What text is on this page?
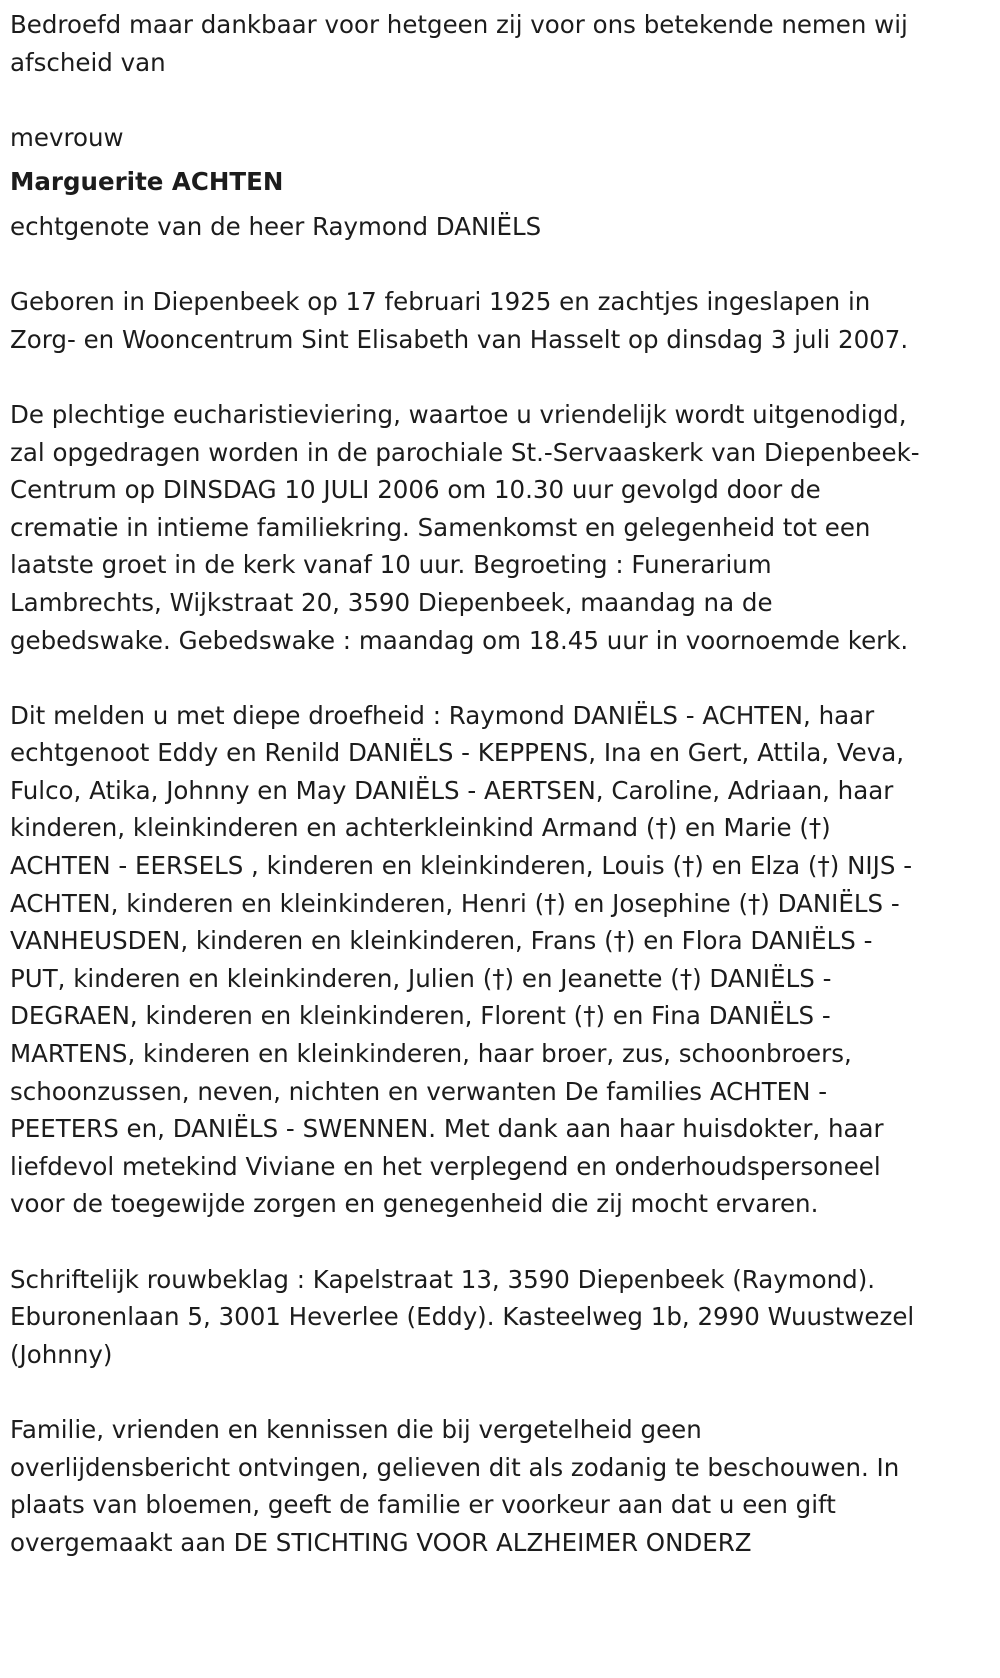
Bedroefd maar dankbaar voor hetgeen zij voor ons betekende nemen wij
afscheid van
mevrouw
Marguerite ACHTEN
echtgenote van de heer Raymond DANIËLS
Geboren in Diepenbeek op 17 februari 1925 en zachtjes ingeslapen in
Zorg- en Wooncentrum Sint Elisabeth van Hasselt op dinsdag 3 juli 2007.
De plechtige eucharistieviering, waartoe u vriendelijk wordt uitgenodigd,
zal opgedragen worden in de parochiale St.-Servaaskerk van Diepenbeek-
Centrum op DINSDAG 10 JULI 2006 om 10.30 uur gevolgd door de
crematie in intieme familiekring. Samenkomst en gelegenheid tot een
laatste groet in de kerk vanaf 10 uur. Begroeting : Funerarium
Lambrechts, Wijkstraat 20, 3590 Diepenbeek, maandag na de
gebedswake. Gebedswake : maandag om 18.45 uur in voornoemde kerk.
Dit melden u met diepe droefheid : Raymond DANIËLS - ACHTEN, haar
echtgenoot Eddy en Renild DANIËLS - KEPPENS, Ina en Gert, Attila, Veva,
Fulco, Atika, Johnny en May DANIËLS - AERTSEN, Caroline, Adriaan, haar
kinderen, kleinkinderen en achterkleinkind Armand (†) en Marie (†)
ACHTEN - EERSELS , kinderen en kleinkinderen, Louis (†) en Elza (†) NIJS -
ACHTEN, kinderen en kleinkinderen, Henri (†) en Josephine (†) DANIËLS -
VANHEUSDEN, kinderen en kleinkinderen, Frans (†) en Flora DANIËLS -
PUT, kinderen en kleinkinderen, Julien (†) en Jeanette (†) DANIËLS -
DEGRAEN, kinderen en kleinkinderen, Florent (†) en Fina DANIËLS -
MARTENS, kinderen en kleinkinderen, haar broer, zus, schoonbroers,
schoonzussen, neven, nichten en verwanten De families ACHTEN -
PEETERS en, DANIËLS - SWENNEN. Met dank aan haar huisdokter, haar
liefdevol metekind Viviane en het verplegend en onderhoudspersoneel
voor de toegewijde zorgen en genegenheid die zij mocht ervaren.
Schriftelijk rouwbeklag : Kapelstraat 13, 3590 Diepenbeek (Raymond).
Eburonenlaan 5, 3001 Heverlee (Eddy). Kasteelweg 1b, 2990 Wuustwezel
(Johnny)
Familie, vrienden en kennissen die bij vergetelheid geen
overlijdensbericht ontvingen, gelieven dit als zodanig te beschouwen. In
plaats van bloemen, geeft de familie er voorkeur aan dat u een gift
overgemaakt aan DE STICHTING VOOR ALZHEIMER ONDERZ
